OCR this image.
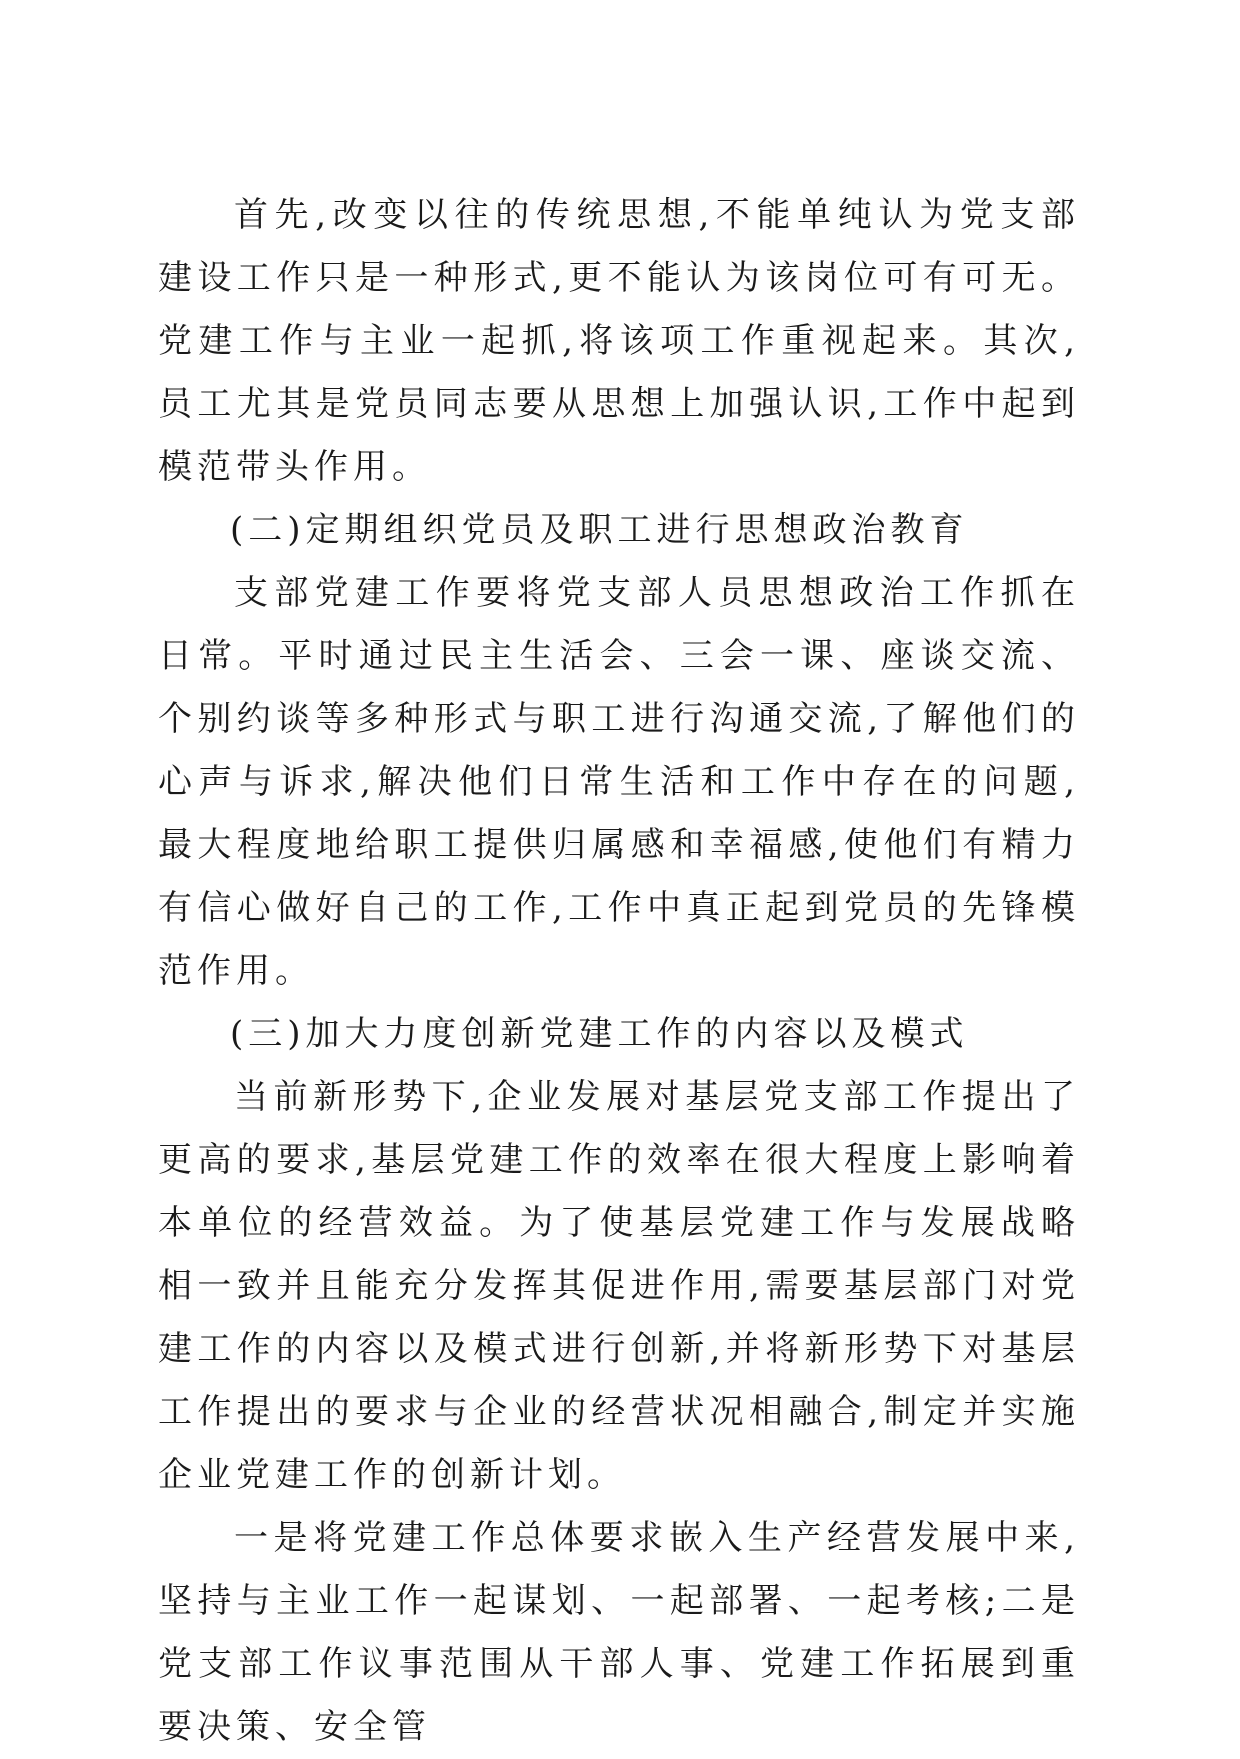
首先,改变以往的传统思想,不能单纯认为党支部建设工作只是一种形式,更不能认为该岗位可有可无。党建工作与主业一起抓,将该项工作重视起来。其次,员工尤其是党员同志要从思想上加强认识,工作中起到模范带头作用。

(二)定期组织党员及职工进行思想政治教育

支部党建工作要将党支部人员思想政治工作抓在日常。平时通过民主生活会、三会一课、座谈交流、个别约谈等多种形式与职工进行沟通交流,了解他们的心声与诉求,解决他们日常生活和工作中存在的问题,最大程度地给职工提供归属感和幸福感,使他们有精力有信心做好自己的工作,工作中真正起到党员的先锋模范作用。

(三)加大力度创新党建工作的内容以及模式

当前新形势下,企业发展对基层党支部工作提出了更高的要求,基层党建工作的效率在很大程度上影响着本单位的经营效益。为了使基层党建工作与发展战略相一致并且能充分发挥其促进作用,需要基层部门对党建工作的内容以及模式进行创新,并将新形势下对基层工作提出的要求与企业的经营状况相融合,制定并实施企业党建工作的创新计划。

一是将党建工作总体要求嵌入生产经营发展中来,坚持与主业工作一起谋划、一起部署、一起考核;二是党支部工作议事范围从干部人事、党建工作拓展到重要决策、安全管
